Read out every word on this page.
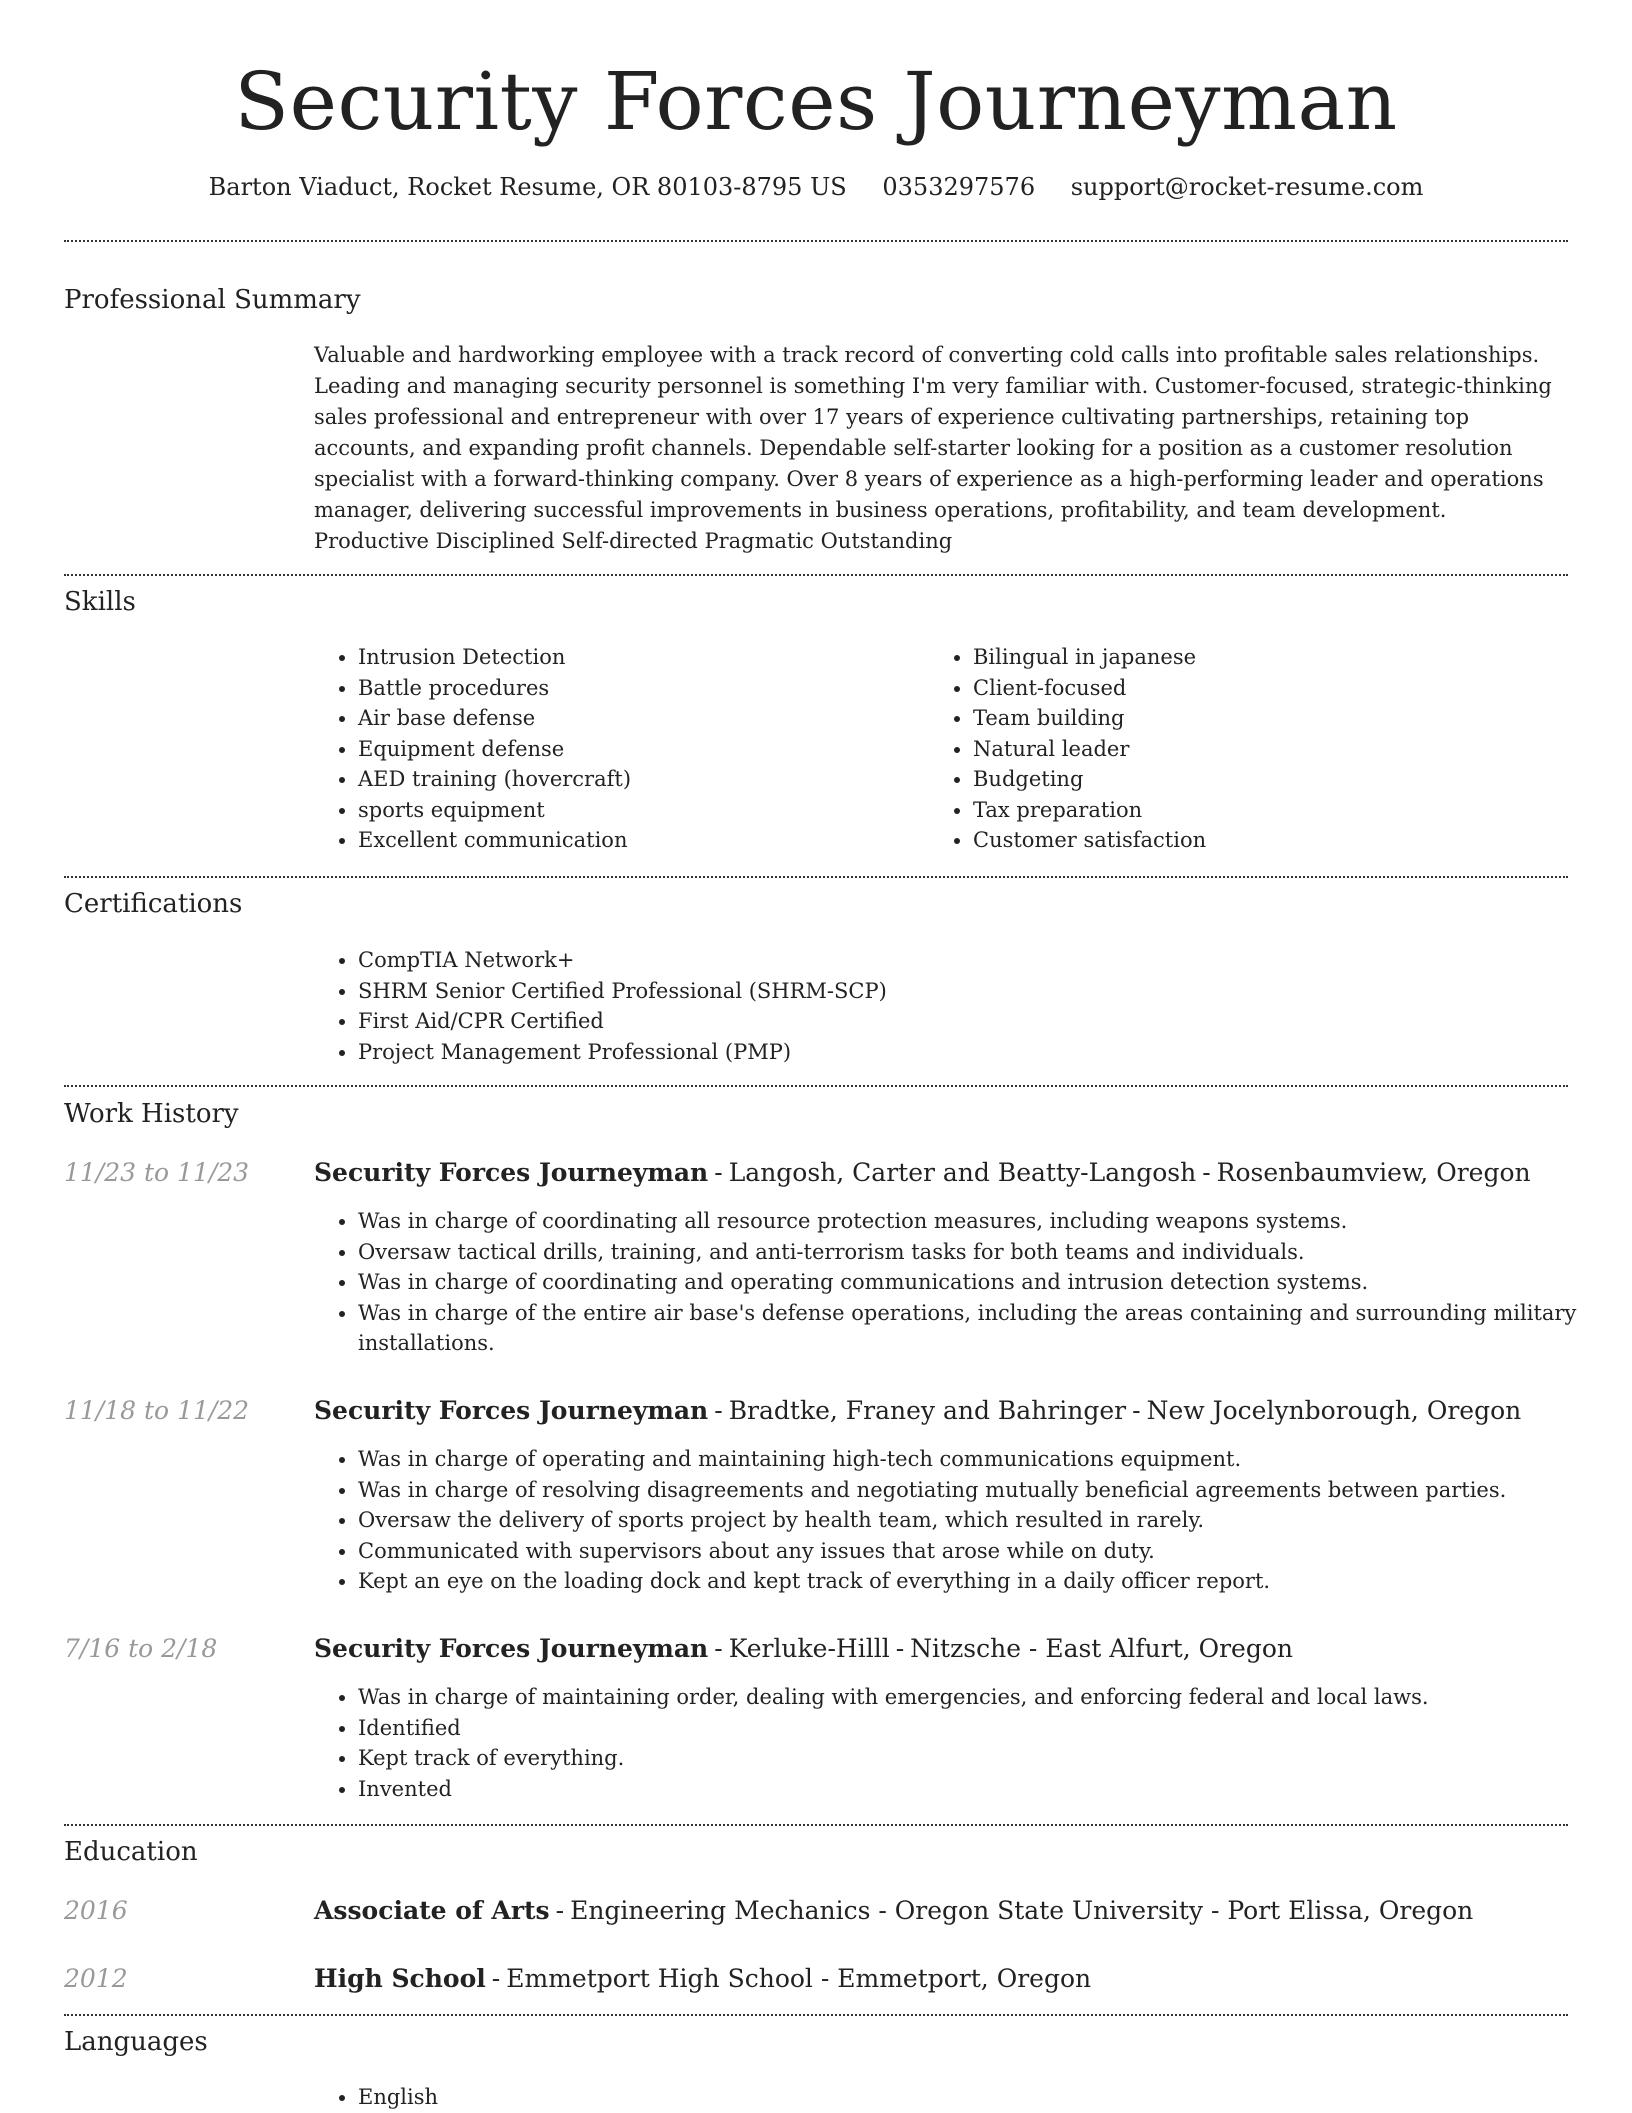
Security Forces Journeyman
Barton Viaduct, Rocket Resume, OR 80103-8795 US 0353297576 support@rocket-resume.com
Professional Summary

Valuable and hardworking employee with a track record of converting cold calls into profitable sales relationships. Leading and managing security personnel is something I'm very familiar with. Customer-focused, strategic-thinking sales professional and entrepreneur with over 17 years of experience cultivating partnerships, retaining top accounts, and expanding profit channels. Dependable self-starter looking for a position as a customer resolution specialist with a forward-thinking company. Over 8 years of experience as a high-performing leader and operations manager, delivering successful improvements in business operations, profitability, and team development. Productive Disciplined Self-directed Pragmatic Outstanding

Skills
• Intrusion Detection
• Battle procedures
• Air base defense
• Equipment defense
• AED training (hovercraft)
• sports equipment
• Excellent communication
• Bilingual in japanese
• Client-focused
• Team building
• Natural leader
• Budgeting
• Tax preparation
• Customer satisfaction
Certifications
• CompTIA Network+
• SHRM Senior Certified Professional (SHRM-SCP)
• First Aid/CPR Certified
• Project Management Professional (PMP)
Work History
11/23 to 11/23	Security Forces Journeyman - Langosh, Carter and Beatty-Langosh - Rosenbaumview, Oregon
• Was in charge of coordinating all resource protection measures, including weapons systems.
• Oversaw tactical drills, training, and anti-terrorism tasks for both teams and individuals.
• Was in charge of coordinating and operating communications and intrusion detection systems.
• Was in charge of the entire air base's defense operations, including the areas containing and surrounding military installations.
11/18 to 11/22	Security Forces Journeyman - Bradtke, Franey and Bahringer - New Jocelynborough, Oregon
• Was in charge of operating and maintaining high-tech communications equipment.
• Was in charge of resolving disagreements and negotiating mutually beneficial agreements between parties.
• Oversaw the delivery of sports project by health team, which resulted in rarely.
• Communicated with supervisors about any issues that arose while on duty.
• Kept an eye on the loading dock and kept track of everything in a daily officer report.
7/16 to 2/18	Security Forces Journeyman - Kerluke-Hilll - Nitzsche - East Alfurt, Oregon
• Was in charge of maintaining order, dealing with emergencies, and enforcing federal and local laws.
• Identified
• Kept track of everything.
• Invented
Education
2016	Associate of Arts - Engineering Mechanics - Oregon State University - Port Elissa, Oregon
2012	High School - Emmetport High School - Emmetport, Oregon
Languages
• English
